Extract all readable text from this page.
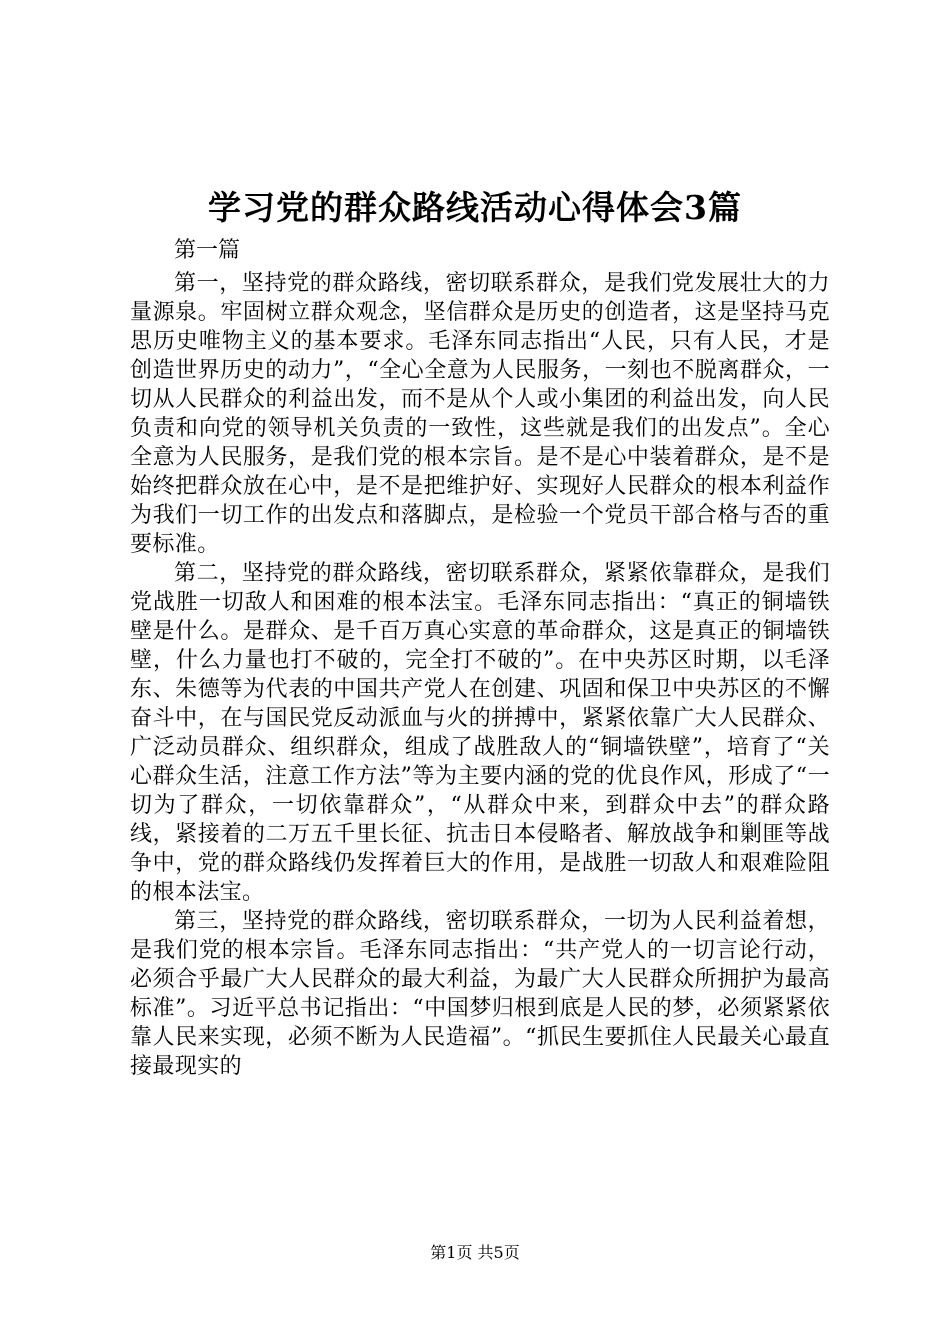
学习党的群众路线活动心得体会3篇

第一篇

第一，坚持党的群众路线，密切联系群众，是我们党发展壮大的力量源泉。牢固树立群众观念，坚信群众是历史的创造者，这是坚持马克思历史唯物主义的基本要求。毛泽东同志指出“人民，只有人民，才是创造世界历史的动力”，“全心全意为人民服务，一刻也不脱离群众，一切从人民群众的利益出发，而不是从个人或小集团的利益出发，向人民负责和向党的领导机关负责的一致性，这些就是我们的出发点”。全心全意为人民服务，是我们党的根本宗旨。是不是心中装着群众，是不是始终把群众放在心中，是不是把维护好、实现好人民群众的根本利益作为我们一切工作的出发点和落脚点，是检验一个党员干部合格与否的重要标准。

第二，坚持党的群众路线，密切联系群众，紧紧依靠群众，是我们党战胜一切敌人和困难的根本法宝。毛泽东同志指出：“真正的铜墙铁壁是什么。是群众、是千百万真心实意的革命群众，这是真正的铜墙铁壁，什么力量也打不破的，完全打不破的”。在中央苏区时期，以毛泽东、朱德等为代表的中国共产党人在创建、巩固和保卫中央苏区的不懈奋斗中，在与国民党反动派血与火的拼搏中，紧紧依靠广大人民群众、广泛动员群众、组织群众，组成了战胜敌人的“铜墙铁壁”，培育了“关心群众生活，注意工作方法”等为主要内涵的党的优良作风，形成了“一切为了群众，一切依靠群众”，“从群众中来，到群众中去”的群众路线，紧接着的二万五千里长征、抗击日本侵略者、解放战争和剿匪等战争中，党的群众路线仍发挥着巨大的作用，是战胜一切敌人和艰难险阻的根本法宝。

第三，坚持党的群众路线，密切联系群众，一切为人民利益着想，是我们党的根本宗旨。毛泽东同志指出：“共产党人的一切言论行动，必须合乎最广大人民群众的最大利益，为最广大人民群众所拥护为最高标准”。习近平总书记指出：“中国梦归根到底是人民的梦，必须紧紧依靠人民来实现，必须不断为人民造福”。“抓民生要抓住人民最关心最直接最现实的

第1页 共5页
